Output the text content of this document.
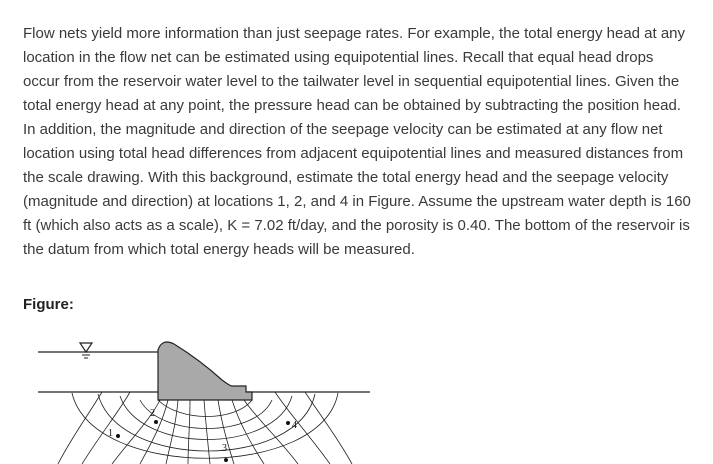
Flow nets yield more information than just seepage rates. For example, the total energy head at any location in the flow net can be estimated using equipotential lines. Recall that equal head drops occur from the reservoir water level to the tailwater level in sequential equipotential lines. Given the total energy head at any point, the pressure head can be obtained by subtracting the position head. In addition, the magnitude and direction of the seepage velocity can be estimated at any flow net location using total head differences from adjacent equipotential lines and measured distances from the scale drawing. With this background, estimate the total energy head and the seepage velocity (magnitude and direction) at locations 1, 2, and 4 in Figure. Assume the upstream water depth is 160 ft (which also acts as a scale), K = 7.02 ft/day, and the porosity is 0.40. The bottom of the reservoir is the datum from which total energy heads will be measured.

Figure:

1
2
3
4
